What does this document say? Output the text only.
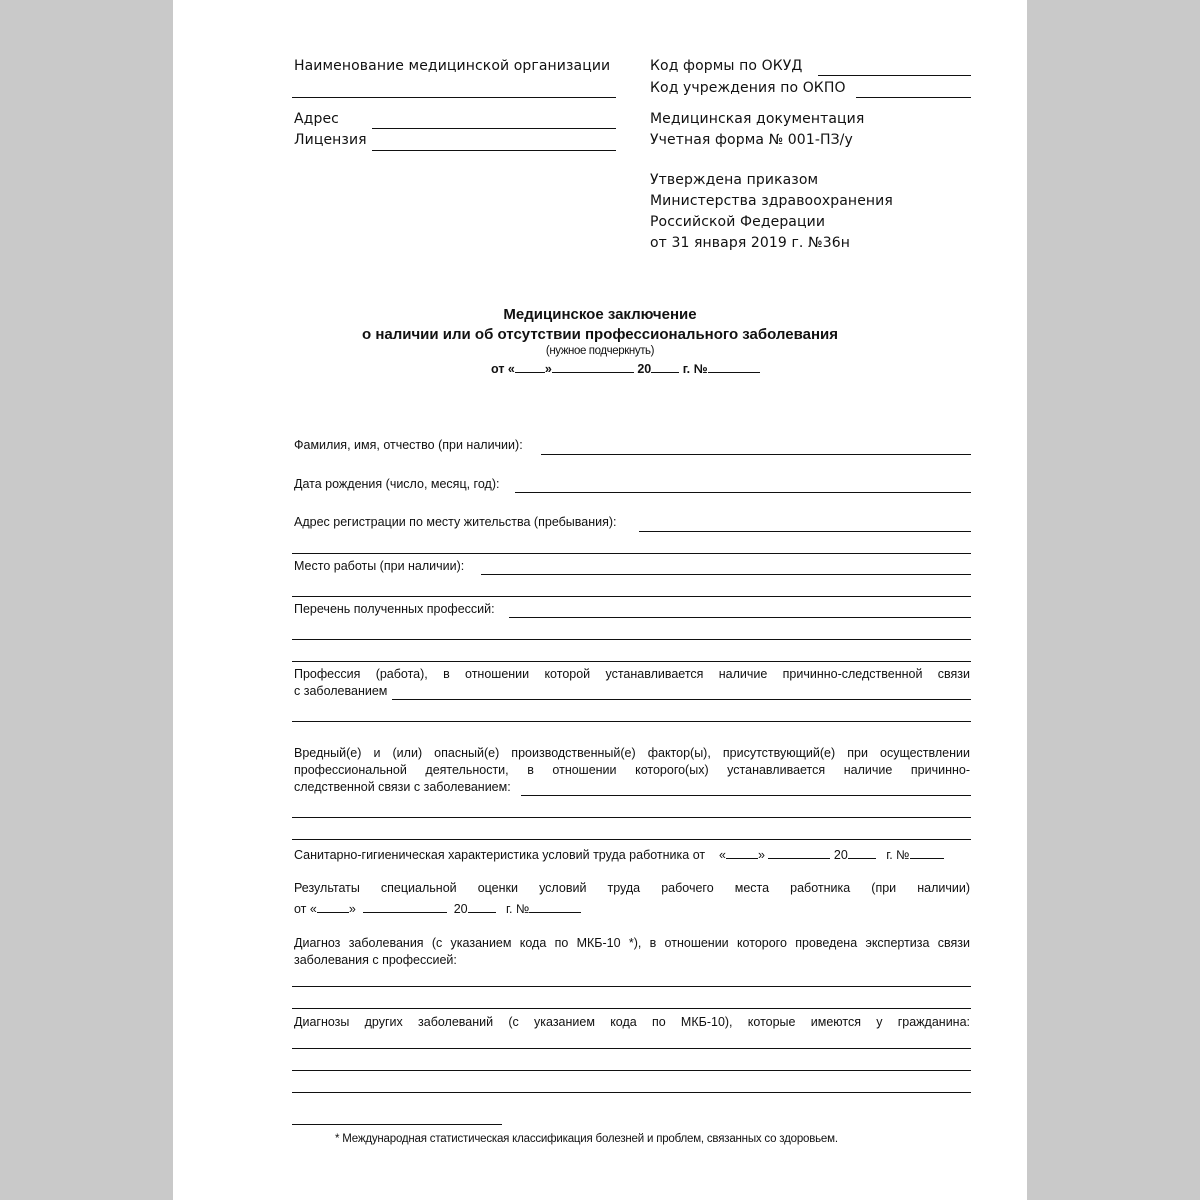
Наименование медицинской организации
Адрес
Лицензия
Код формы по ОКУД
Код учреждения по ОКПО
Медицинская документация
Учетная форма № 001-ПЗ/у
Утверждена приказом
Министерства здравоохранения
Российской Федерации
от 31 января 2019 г. №36н
Медицинское заключение
о наличии или об отсутствии профессионального заболевания
(нужное подчеркнуть)
от « »	20	г. №
Фамилия, имя, отчество (при наличии):
Дата рождения (число, месяц, год):
Адрес регистрации по месту жительства (пребывания):
Место работы (при наличии):
Перечень полученных профессий:
Профессия (работа), в отношении которой устанавливается наличие причинно-следственной связи
с заболеванием
Вредный(е) и (или) опасный(е) производственный(е) фактор(ы), присутствующий(е) при осуществлении
профессиональной деятельности, в отношении которого(ых) устанавливается наличие причинно-
следственной связи с заболеванием:
Санитарно-гигиеническая характеристика условий труда работника от «	»	20	г. №
Результаты специальной оценки условий труда рабочего места работника (при наличии)
от «	»	20	г. №
Диагноз заболевания (с указанием кода по МКБ-10 *), в отношении которого проведена экспертиза связи
заболевания с профессией:
Диагнозы других заболеваний (с указанием кода по МКБ-10), которые имеются у гражданина:
* Международная статистическая классификация болезней и проблем, связанных со здоровьем.
